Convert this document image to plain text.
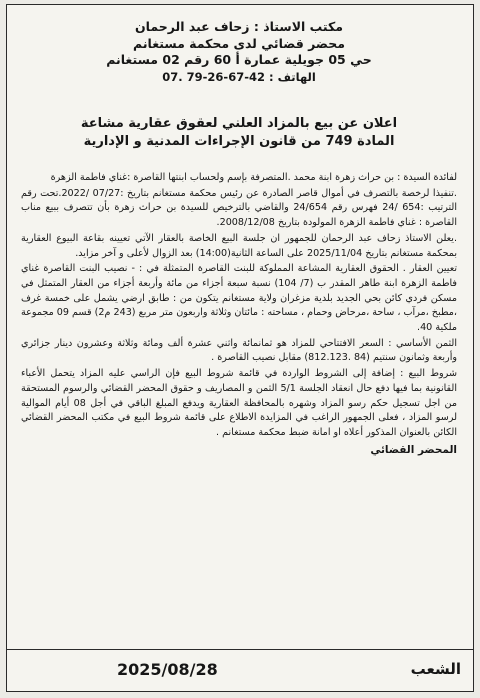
مكتب الاستاذ : زحاف عبد الرحمان
محضر قضائي لدى محكمة مستغانم
حي 05 جويلية عمارة أ 60 رقم 02 مستغانم
الهاتف : 42-67-26-79 .07
اعلان عن بيع بالمزاد العلني لعقوق عقارية مشاعة
المادة 749 من قانون الإجراءات المدنية و الإدارية

لفائدة السيدة : بن حراث زهرة ابنة محمد .المتصرفة بإسم ولحساب ابنتها القاصرة :غناي فاطمة الزهرة

.تنفيذا لرخصة بالتصرف في أموال قاصر الصادرة عن رئيس محكمة مستغانم بتاريخ :07/27 /2022.تحت رقم الترتيب :654 /24 فهرس رقم 24/654 والقاضي بالترخيص للسيدة بن حراث زهرة بأن تتصرف ببيع مناب القاصرة : غناي فاطمة الزهرة المولودة بتاريخ 2008/12/08.

.يعلن الاستاذ زحاف عبد الرحمان للجمهور ان جلسة البيع الخاصة بالعقار الآتي تعيينه بقاعة البيوع العقارية بمحكمة مستغانم بتاريخ 2025/11/04 على الساعة الثانية(14:00) بعد الزوال لأعلى و آخر مزايد.

تعيين العقار . الحقوق العقارية المشاعة المملوكة للبنت القاصرة المتمثلة في : - نصيب البنت القاصرة غناي فاطمة الزهرة ابنة طاهر المقدر ب (7/ 104) نسبة سبعة أجزاء من مائة وأربعة أجزاء من العقار المتمثل في مسكن فردي كائن بحي الجديد بلدية مزغران ولاية مستغانم يتكون من : طابق ارضي يشمل على خمسة غرف ،مطبخ ،مرآب ، ساحة ،مرحاض وحمام ، مساحته : مائتان وثلاثة واربعون متر مربع (243 م2) قسم 09 مجموعة ملكية 40.

الثمن الأساسي : السعر الافتتاحي للمزاد هو ثمانمائة واثني عشرة ألف ومائة وثلاثة وعشرون دينار جزائري وأربعة وثمانون سنتيم (84 .812.123) مقابل نصيب القاصرة .

شروط البيع : إضافة إلى الشروط الواردة في قائمة شروط البيع فإن الراسي عليه المزاد يتحمل الأعباء القانونية بما فيها دفع حال انعقاد الجلسة 5/1 الثمن و المصاريف و حقوق المحضر القضائي والرسوم المستحقة من اجل تسجيل حكم رسو المزاد وشهره بالمحافظة العقارية ويدفع المبلغ الباقي في أجل 08 أيام الموالية لرسو المزاد ، فعلى الجمهور الراغب في المزايدة الاطلاع على قائمة شروط البيع في مكتب المحضر القضائي الكائن بالعنوان المذكور أعلاه او امانة ضبط محكمة مستغانم .

المحضر القضائي
الشعب
2025/08/28
